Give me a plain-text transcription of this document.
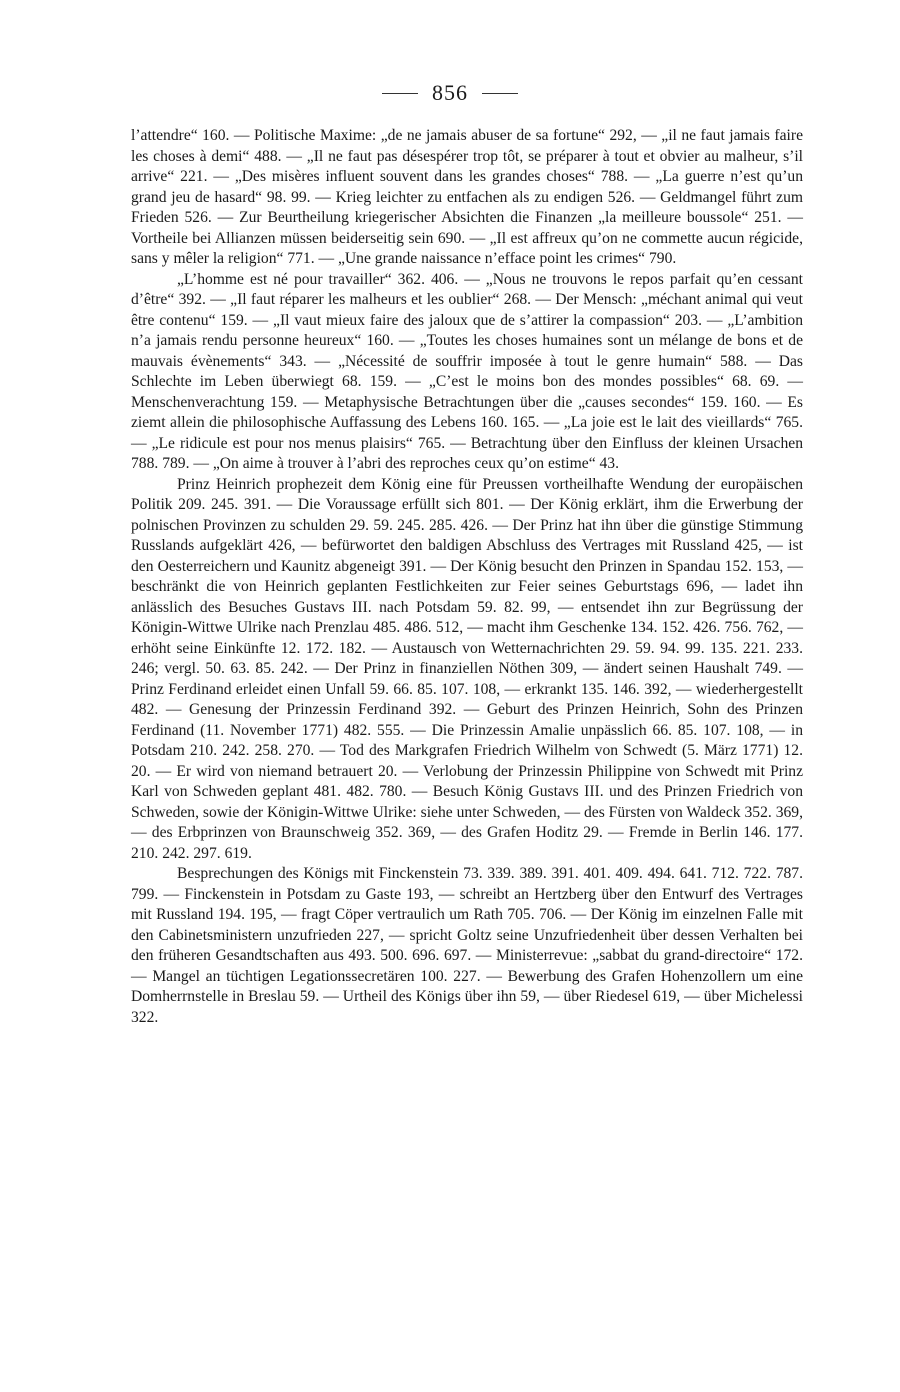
856

l’attendre“ 160. — Politische Maxime: „de ne jamais abuser de sa fortune“ 292, — „il ne faut jamais faire les choses à demi“ 488. — „Il ne faut pas désespérer trop tôt, se préparer à tout et obvier au malheur, s’il arrive“ 221. — „Des misères influent souvent dans les grandes choses“ 788. — „La guerre n’est qu’un grand jeu de hasard“ 98. 99. — Krieg leichter zu entfachen als zu endigen 526. — Geldmangel führt zum Frieden 526. — Zur Beurtheilung kriegerischer Absichten die Finanzen „la meilleure boussole“ 251. — Vortheile bei Allianzen müssen beiderseitig sein 690. — „Il est affreux qu’on ne commette aucun régicide, sans y mêler la religion“ 771. — „Une grande naissance n’efface point les crimes“ 790.

„L’homme est né pour travailler“ 362. 406. — „Nous ne trouvons le repos parfait qu’en cessant d’être“ 392. — „Il faut réparer les malheurs et les oublier“ 268. — Der Mensch: „méchant animal qui veut être contenu“ 159. — „Il vaut mieux faire des jaloux que de s’attirer la compassion“ 203. — „L’ambition n’a jamais rendu personne heureux“ 160. — „Toutes les choses humaines sont un mélange de bons et de mauvais évènements“ 343. — „Nécessité de souffrir imposée à tout le genre humain“ 588. — Das Schlechte im Leben überwiegt 68. 159. — „C’est le moins bon des mondes possibles“ 68. 69. — Menschenverachtung 159. — Metaphysische Betrachtungen über die „causes secondes“ 159. 160. — Es ziemt allein die philosophische Auffassung des Lebens 160. 165. — „La joie est le lait des vieillards“ 765. — „Le ridicule est pour nos menus plaisirs“ 765. — Betrachtung über den Einfluss der kleinen Ursachen 788. 789. — „On aime à trouver à l’abri des reproches ceux qu’on estime“ 43.

Prinz Heinrich prophezeit dem König eine für Preussen vortheilhafte Wendung der europäischen Politik 209. 245. 391. — Die Voraussage erfüllt sich 801. — Der König erklärt, ihm die Erwerbung der polnischen Provinzen zu schulden 29. 59. 245. 285. 426. — Der Prinz hat ihn über die günstige Stimmung Russlands aufgeklärt 426, — befürwortet den baldigen Abschluss des Vertrages mit Russland 425, — ist den Oesterreichern und Kaunitz abgeneigt 391. — Der König besucht den Prinzen in Spandau 152. 153, — beschränkt die von Heinrich geplanten Festlichkeiten zur Feier seines Geburtstags 696, — ladet ihn anlässlich des Besuches Gustavs III. nach Potsdam 59. 82. 99, — entsendet ihn zur Begrüssung der Königin-Wittwe Ulrike nach Prenzlau 485. 486. 512, — macht ihm Geschenke 134. 152. 426. 756. 762, — erhöht seine Einkünfte 12. 172. 182. — Austausch von Wetternachrichten 29. 59. 94. 99. 135. 221. 233. 246; vergl. 50. 63. 85. 242. — Der Prinz in finanziellen Nöthen 309, — ändert seinen Haushalt 749. — Prinz Ferdinand erleidet einen Unfall 59. 66. 85. 107. 108, — erkrankt 135. 146. 392, — wiederhergestellt 482. — Genesung der Prinzessin Ferdinand 392. — Geburt des Prinzen Heinrich, Sohn des Prinzen Ferdinand (11. November 1771) 482. 555. — Die Prinzessin Amalie unpässlich 66. 85. 107. 108, — in Potsdam 210. 242. 258. 270. — Tod des Markgrafen Friedrich Wilhelm von Schwedt (5. März 1771) 12. 20. — Er wird von niemand betrauert 20. — Verlobung der Prinzessin Philippine von Schwedt mit Prinz Karl von Schweden geplant 481. 482. 780. — Besuch König Gustavs III. und des Prinzen Friedrich von Schweden, sowie der Königin-Wittwe Ulrike: siehe unter Schweden, — des Fürsten von Waldeck 352. 369, — des Erbprinzen von Braunschweig 352. 369, — des Grafen Hoditz 29. — Fremde in Berlin 146. 177. 210. 242. 297. 619.

Besprechungen des Königs mit Finckenstein 73. 339. 389. 391. 401. 409. 494. 641. 712. 722. 787. 799. — Finckenstein in Potsdam zu Gaste 193, — schreibt an Hertzberg über den Entwurf des Vertrages mit Russland 194. 195, — fragt Cöper vertraulich um Rath 705. 706. — Der König im einzelnen Falle mit den Cabinetsministern unzufrieden 227, — spricht Goltz seine Unzufriedenheit über dessen Verhalten bei den früheren Gesandtschaften aus 493. 500. 696. 697. — Ministerrevue: „sabbat du grand-directoire“ 172. — Mangel an tüchtigen Legationssecretären 100. 227. — Bewerbung des Grafen Hohenzollern um eine Domherrnstelle in Breslau 59. — Urtheil des Königs über ihn 59, — über Riedesel 619, — über Michelessi 322.
